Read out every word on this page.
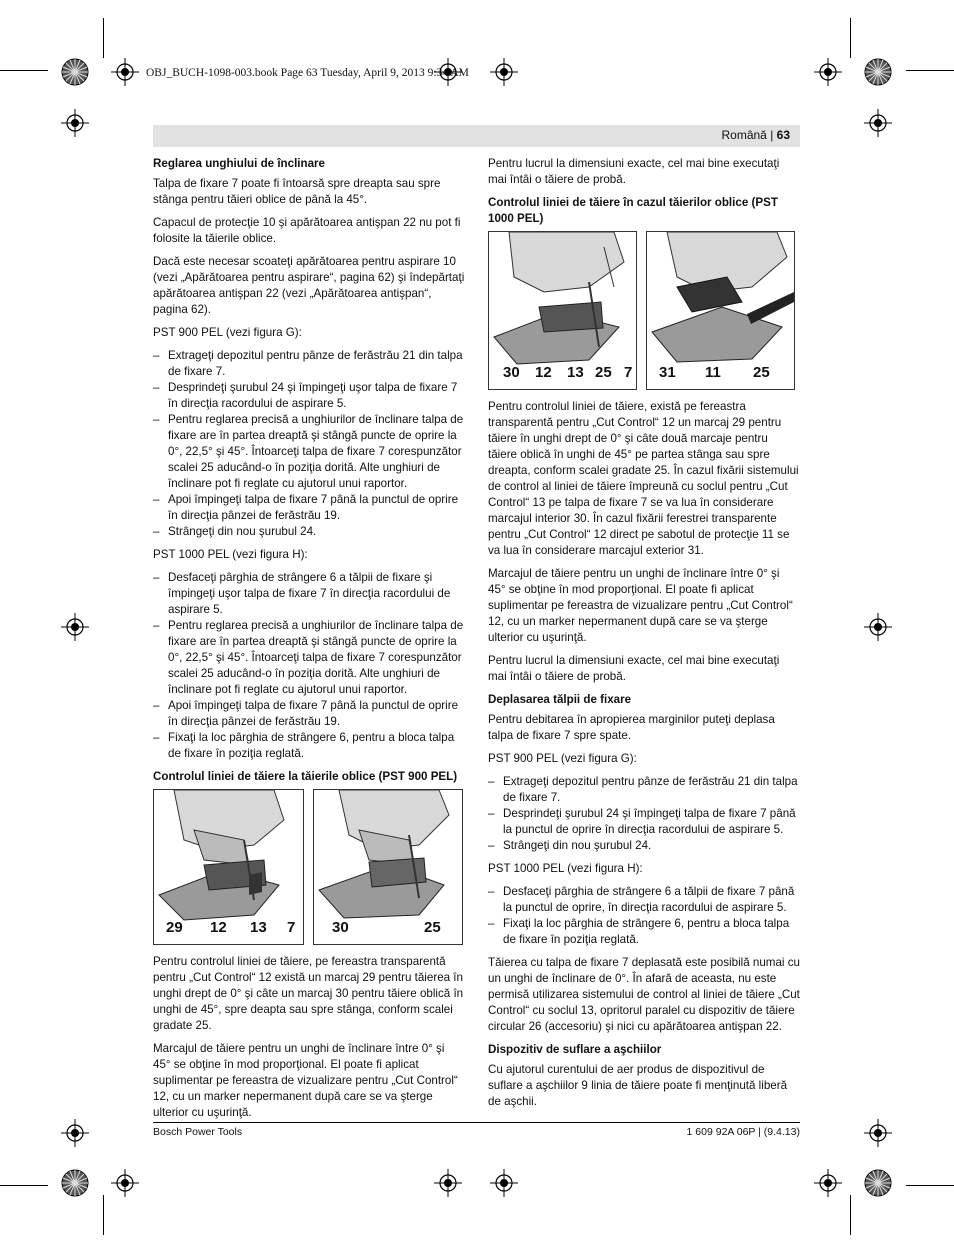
OBJ_BUCH-1098-003.book Page 63 Tuesday, April 9, 2013 9:34 AM
Română | 63
Reglarea unghiului de înclinare
Talpa de fixare 7 poate fi întoarsă spre dreapta sau spre stânga pentru tăieri oblice de până la 45°.
Capacul de protecţie 10 şi apărătoarea antişpan 22 nu pot fi folosite la tăierile oblice.
Dacă este necesar scoateţi apărătoarea pentru aspirare 10 (vezi „Apărătoarea pentru aspirare“, pagina 62) şi îndepărtaţi apărătoarea antişpan 22 (vezi „Apărătoarea antişpan“, pagina 62).
PST 900 PEL (vezi figura G):
– Extrageţi depozitul pentru pânze de ferăstrău 21 din talpa de fixare 7.
– Desprindeţi şurubul 24 şi împingeţi uşor talpa de fixare 7 în direcţia racordului de aspirare 5.
– Pentru reglarea precisă a unghiurilor de înclinare talpa de fixare are în partea dreaptă şi stângă puncte de oprire la 0°, 22,5° şi 45°. Întoarceţi talpa de fixare 7 corespunzător scalei 25 aducând-o în poziţia dorită. Alte unghiuri de înclinare pot fi reglate cu ajutorul unui raportor.
– Apoi împingeţi talpa de fixare 7 până la punctul de oprire în direcţia pânzei de ferăstrău 19.
– Strângeţi din nou şurubul 24.
PST 1000 PEL (vezi figura H):
– Desfaceţi pârghia de strângere 6 a tălpii de fixare şi împingeţi uşor talpa de fixare 7 în direcţia racordului de aspirare 5.
– Pentru reglarea precisă a unghiurilor de înclinare talpa de fixare are în partea dreaptă şi stângă puncte de oprire la 0°, 22,5° şi 45°. Întoarceţi talpa de fixare 7 corespunzător scalei 25 aducând-o în poziţia dorită. Alte unghiuri de înclinare pot fi reglate cu ajutorul unui raportor.
– Apoi împingeţi talpa de fixare 7 până la punctul de oprire în direcţia pânzei de ferăstrău 19.
– Fixaţi la loc pârghia de strângere 6, pentru a bloca talpa de fixare în poziţia reglată.
Controlul liniei de tăiere la tăierile oblice (PST 900 PEL)
29 12 13 7 30	25
Pentru controlul liniei de tăiere, pe fereastra transparentă pentru „Cut Control“ 12 există un marcaj 29 pentru tăierea în unghi drept de 0° şi câte un marcaj 30 pentru tăiere oblică în unghi de 45°, spre deapta sau spre stânga, conform scalei gradate 25.
Marcajul de tăiere pentru un unghi de înclinare între 0° şi 45° se obţine în mod proporţional. El poate fi aplicat suplimentar pe fereastra de vizualizare pentru „Cut Control“ 12, cu un marker nepermanent după care se va şterge ulterior cu uşurinţă.
Pentru lucrul la dimensiuni exacte, cel mai bine executaţi mai întâi o tăiere de probă.
Controlul liniei de tăiere în cazul tăierilor oblice (PST 1000 PEL)
30 12 13 25 7 31 11 25
Pentru controlul liniei de tăiere, există pe fereastra transparentă pentru „Cut Control“ 12 un marcaj 29 pentru tăiere în unghi drept de 0° şi câte două marcaje pentru tăiere oblică în unghi de 45° pe partea stânga sau spre dreapta, conform scalei gradate 25. În cazul fixării sistemului de control al liniei de tăiere împreună cu soclul pentru „Cut Control“ 13 pe talpa de fixare 7 se va lua în considerare marcajul interior 30. În cazul fixării ferestrei transparente pentru „Cut Control“ 12 direct pe sabotul de protecţie 11 se va lua în considerare marcajul exterior 31.
Marcajul de tăiere pentru un unghi de înclinare între 0° şi 45° se obţine în mod proporţional. El poate fi aplicat suplimentar pe fereastra de vizualizare pentru „Cut Control“ 12, cu un marker nepermanent după care se va şterge ulterior cu uşurinţă.
Pentru lucrul la dimensiuni exacte, cel mai bine executaţi mai întâi o tăiere de probă.
Deplasarea tălpii de fixare
Pentru debitarea în apropierea marginilor puteţi deplasa talpa de fixare 7 spre spate.
PST 900 PEL (vezi figura G):
– Extrageţi depozitul pentru pânze de ferăstrău 21 din talpa de fixare 7.
– Desprindeţi şurubul 24 şi împingeţi talpa de fixare 7 până la punctul de oprire în direcţia racordului de aspirare 5.
– Strângeţi din nou şurubul 24.
PST 1000 PEL (vezi figura H):
– Desfaceţi pârghia de strângere 6 a tălpii de fixare 7 până la punctul de oprire, în direcţia racordului de aspirare 5.
– Fixaţi la loc pârghia de strângere 6, pentru a bloca talpa de fixare în poziţia reglată.
Tăierea cu talpa de fixare 7 deplasată este posibilă numai cu un unghi de înclinare de 0°. În afară de aceasta, nu este permisă utilizarea sistemului de control al liniei de tăiere „Cut Control“ cu soclul 13, opritorul paralel cu dispozitiv de tăiere circular 26 (accesoriu) şi nici cu apărătoarea antişpan 22.
Dispozitiv de suflare a aşchiilor
Cu ajutorul curentului de aer produs de dispozitivul de suflare a aşchiilor 9 linia de tăiere poate fi menţinută liberă de aşchii.
Bosch Power Tools	1 609 92A 06P | (9.4.13)
